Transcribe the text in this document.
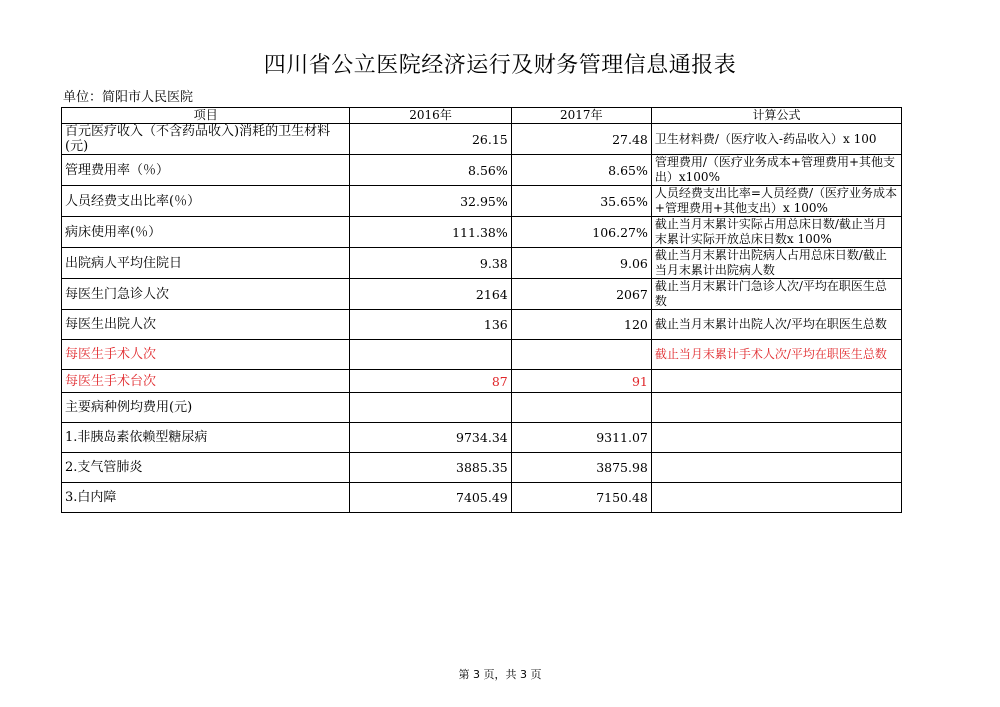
四川省公立医院经济运行及财务管理信息通报表
单位：简阳市人民医院
项目	2016年	2017年	计算公式
百元医疗收入（不含药品收入)消耗的卫生材料(元)	26.15	27.48	卫生材料费/（医疗收入-药品收入）x 100
管理费用率（％）	8.56%	8.65%	管理费用/（医疗业务成本+管理费用+其他支出）x100%
人员经费支出比率(％）	32.95%	35.65%	人员经费支出比率=人员经费/（医疗业务成本+管理费用+其他支出）x 100%
病床使用率(％）	111.38%	106.27%	截止当月末累计实际占用总床日数/截止当月末累计实际开放总床日数x 100%
出院病人平均住院日	9.38	9.06	截止当月末累计出院病人占用总床日数/截止当月末累计出院病人数
每医生门急诊人次	2164	2067	截止当月末累计门急诊人次/平均在职医生总数
每医生出院人次	136	120	截止当月末累计出院人次/平均在职医生总数
每医生手术人次			截止当月末累计手术人次/平均在职医生总数
每医生手术台次	87	91	
主要病种例均费用(元)			
1.非胰岛素依赖型糖尿病	9734.34	9311.07	
2.支气管肺炎	3885.35	3875.98	
3.白内障	7405.49	7150.48	
第 3 页，共 3 页
